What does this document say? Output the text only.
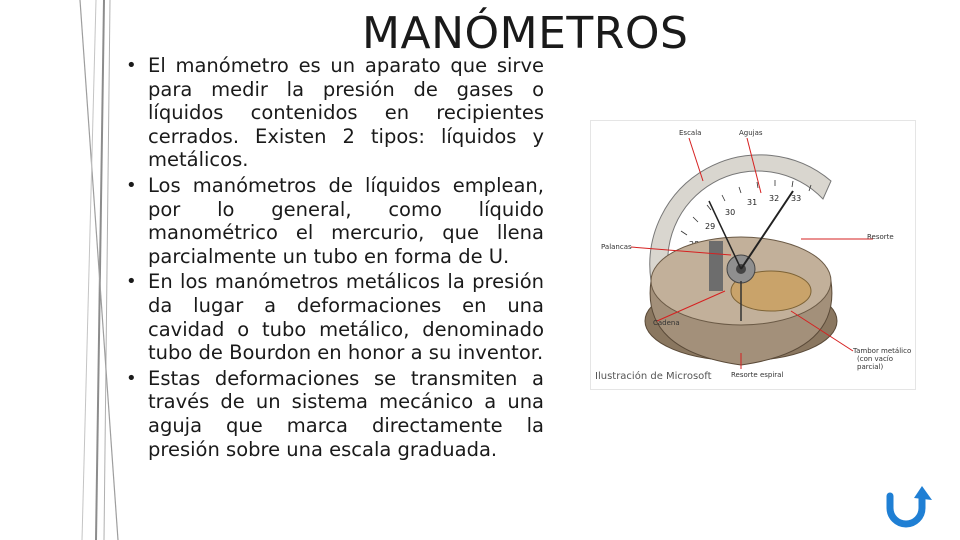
MANÓMETROS
• El manómetro es un aparato que sirve para medir la presión de gases o líquidos contenidos en recipientes cerrados. Existen 2 tipos: líquidos y metálicos.
• Los manómetros de líquidos emplean, por lo general, como líquido manométrico el mercurio, que llena parcialmente un tubo en forma de U.
• En los manómetros metálicos la presión da lugar a deformaciones en una cavidad o tubo metálico, denominado tubo de Bourdon en honor a su inventor.
• Estas deformaciones se transmiten a través de un sistema mecánico a una aguja que marca directamente la presión sobre una escala graduada.
29
30
31 32 33
Escala	Agujas
Palancas
Resorte
Cadena
Tambor metálico
(con vacío
parcial)
Resorte espiral
Ilustración de Microsoft
